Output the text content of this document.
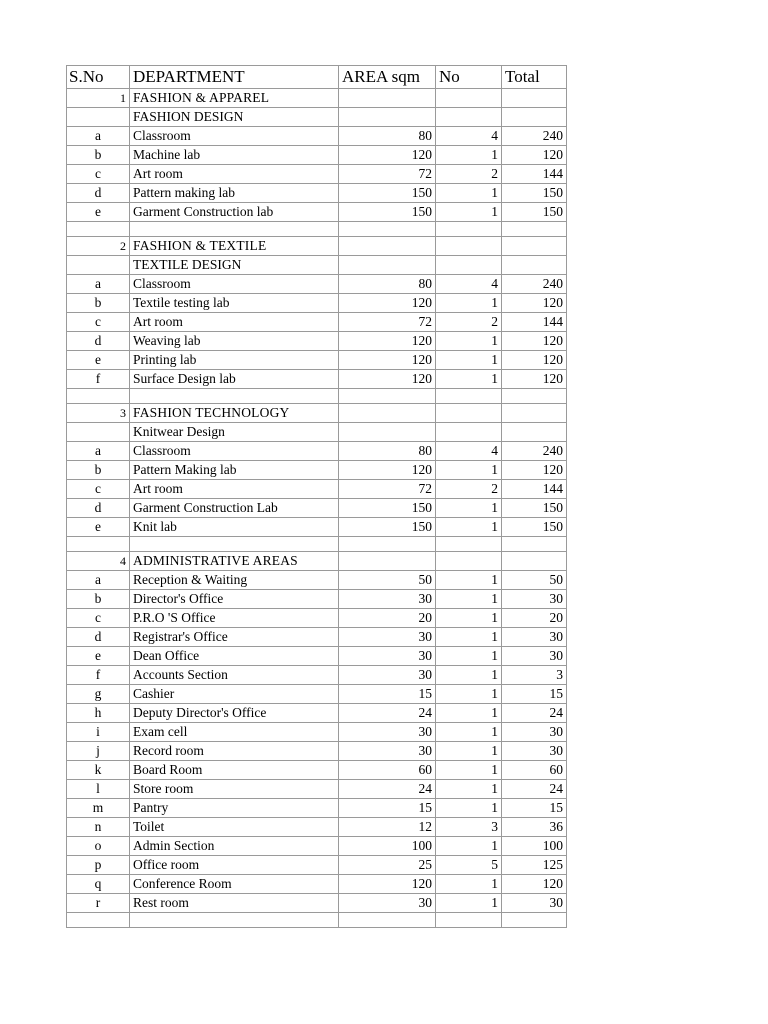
S.No	DEPARTMENT	AREA sqm	No	Total
1	FASHION & APPAREL			
	FASHION DESIGN			
a	Classroom	80	4	240
b	Machine lab	120	1	120
c	Art room	72	2	144
d	Pattern making lab	150	1	150
e	Garment Construction lab	150	1	150

2	FASHION & TEXTILE			
	TEXTILE DESIGN			
a	Classroom	80	4	240
b	Textile testing lab	120	1	120
c	Art room	72	2	144
d	Weaving lab	120	1	120
e	Printing lab	120	1	120
f	Surface Design lab	120	1	120

3	FASHION TECHNOLOGY			
	Knitwear Design			
a	Classroom	80	4	240
b	Pattern Making lab	120	1	120
c	Art room	72	2	144
d	Garment Construction Lab	150	1	150
e	Knit lab	150	1	150

4	ADMINISTRATIVE AREAS			
a	Reception & Waiting	50	1	50
b	Director's Office	30	1	30
c	P.R.O 'S Office	20	1	20
d	Registrar's Office	30	1	30
e	Dean Office	30	1	30
f	Accounts Section	30	1	3
g	Cashier	15	1	15
h	Deputy Director's Office	24	1	24
i	Exam cell	30	1	30
j	Record room	30	1	30
k	Board Room	60	1	60
l	Store room	24	1	24
m	Pantry	15	1	15
n	Toilet	12	3	36
o	Admin Section	100	1	100
p	Office room	25	5	125
q	Conference Room	120	1	120
r	Rest room	30	1	30
